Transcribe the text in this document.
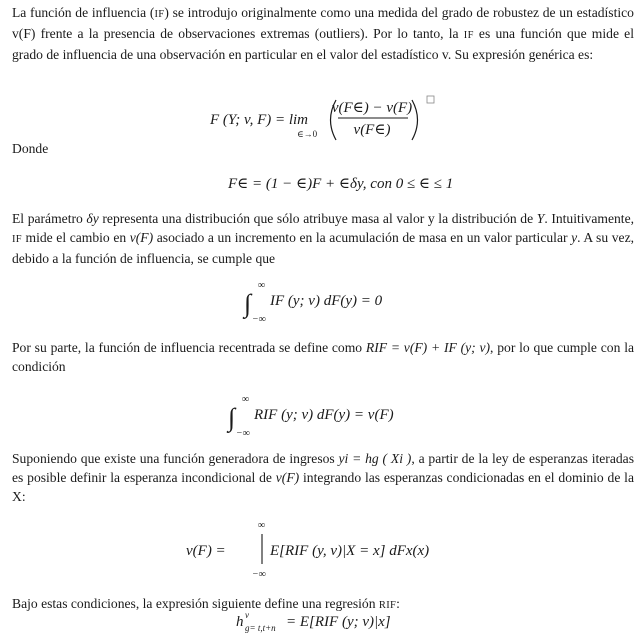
La función de influencia (IF) se introdujo originalmente como una medida del grado de robustez de un estadístico v(F) frente a la presencia de observaciones extremas (outliers). Por lo tanto, la IF es una función que mide el grado de influencia de una observación en particular en el valor del estadístico v. Su expresión genérica es:

F (Y; v, F) = lim
∈→0
v(F∈) − v(F)
v(F∈)

Donde

F∈ = (1 − ∈)F + ∈δy, con 0 ≤ ∈ ≤ 1

El parámetro δy representa una distribución que sólo atribuye masa al valor y la distribución de Y. Intuitivamente, IF mide el cambio en v(F) asociado a un incremento en la acumulación de masa en un valor particular y. A su vez, debido a la función de influencia, se cumple que

∫
∞
−∞
IF (y; v) dF(y) = 0

Por su parte, la función de influencia recentrada se define como RIF = v(F) + IF (y; v), por lo que cumple con la condición

∫
∞
−∞
RIF (y; v) dF(y) = v(F)

Suponiendo que existe una función generadora de ingresos yi = hg ( Xi ), a partir de la ley de esperanzas iteradas es posible definir la esperanza incondicional de v(F) integrando las esperanzas condicionadas en el dominio de la X:

v(F) =
∞
−∞
E[RIF (y, v)|X = x] dFx(x)

Bajo estas condiciones, la expresión siguiente define una regresión RIF:

h v
g= t,t+n = E[RIF (y; v)|x]
